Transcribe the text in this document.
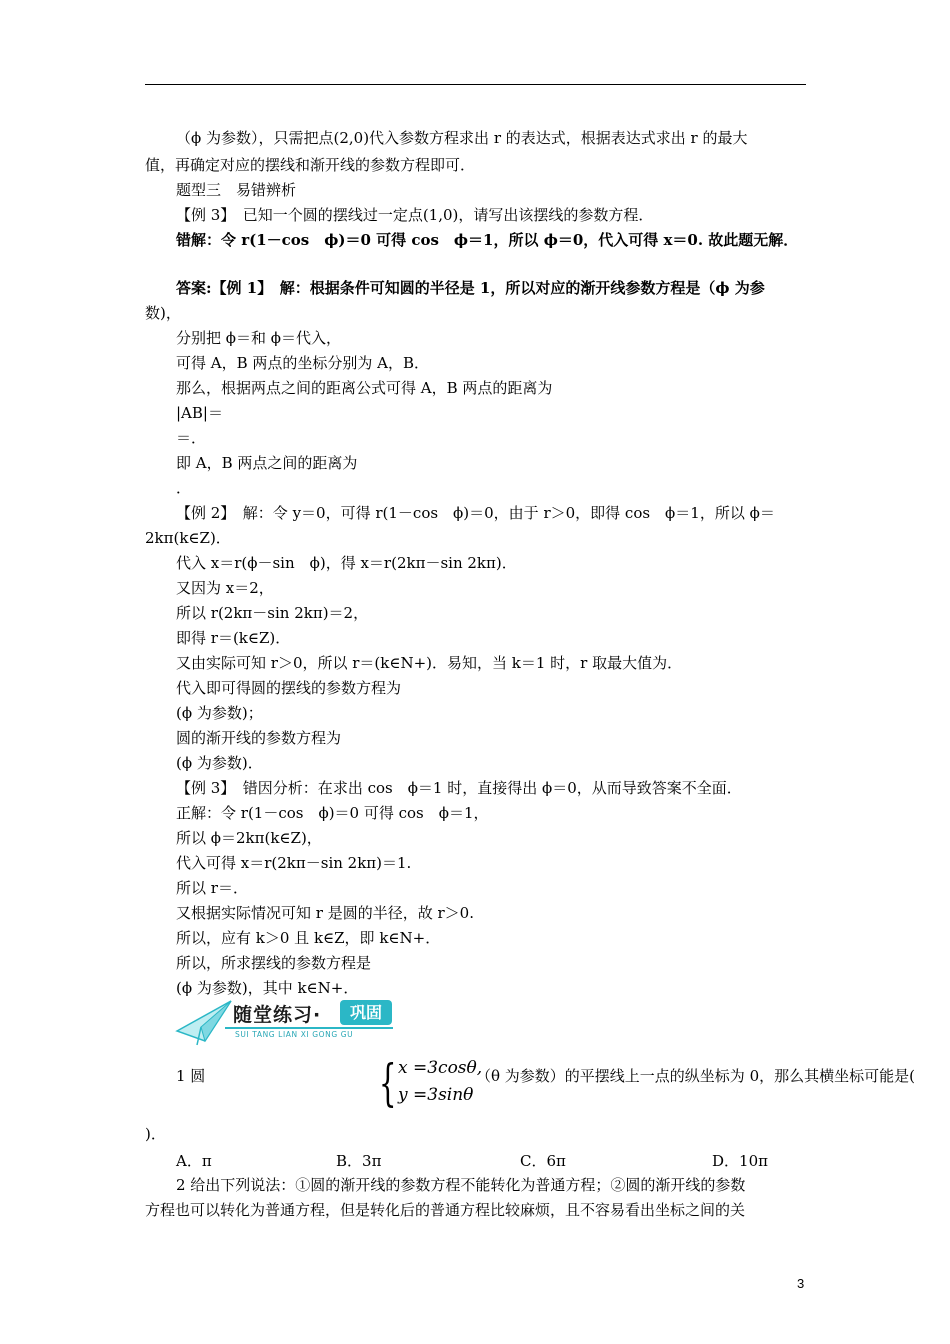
（ϕ 为参数），只需把点(2,0)代入参数方程求出 r 的表达式，根据表达式求出 r 的最大
值，再确定对应的摆线和渐开线的参数方程即可．
题型三　易错辨析
【例 3】　已知一个圆的摆线过一定点(1,0)，请写出该摆线的参数方程．
错解：令 r(1－cos　ϕ)＝0 可得 cos　ϕ＝1，所以 ϕ＝0，代入可得 x＝0. 故此题无解．
答案:【例 1】　解：根据条件可知圆的半径是 1，所以对应的渐开线参数方程是（ϕ 为参
数)，
分别把 ϕ＝和 ϕ＝代入，
可得 A，B 两点的坐标分别为 A，B．
那么，根据两点之间的距离公式可得 A，B 两点的距离为
|AB|＝
＝．
即 A，B 两点之间的距离为
．
【例 2】　解：令 y＝0，可得 r(1－cos　ϕ)＝0，由于 r＞0，即得 cos　ϕ＝1，所以 ϕ＝
2kπ(k∈Z)．
代入 x＝r(ϕ－sin　ϕ)，得 x＝r(2kπ－sin 2kπ)．
又因为 x＝2，
所以 r(2kπ－sin 2kπ)＝2，
即得 r＝(k∈Z)．
又由实际可知 r＞0，所以 r＝(k∈N+)．易知，当 k＝1 时，r 取最大值为．
代入即可得圆的摆线的参数方程为
(ϕ 为参数)；
圆的渐开线的参数方程为
(ϕ 为参数)．
【例 3】　错因分析：在求出 cos　ϕ＝1 时，直接得出 ϕ＝0，从而导致答案不全面．
正解：令 r(1－cos　ϕ)＝0 可得 cos　ϕ＝1，
所以 ϕ＝2kπ(k∈Z)，
代入可得 x＝r(2kπ－sin 2kπ)＝1.
所以 r＝．
又根据实际情况可知 r 是圆的半径，故 r＞0.
所以，应有 k＞0 且 k∈Z，即 k∈N+．
所以，所求摆线的参数方程是
(ϕ 为参数)，其中 k∈N+．
随堂练习·	巩固
SUI TANG LIAN XI GONG GU
1 圆	{ x =3cosθ,
y =3sinθ
（θ 为参数）的平摆线上一点的纵坐标为 0，那么其横坐标可能是(
)．
A．π	B．3π	C．6π	D．10π
2 给出下列说法：①圆的渐开线的参数方程不能转化为普通方程；②圆的渐开线的参数
方程也可以转化为普通方程，但是转化后的普通方程比较麻烦，且不容易看出坐标之间的关
3
